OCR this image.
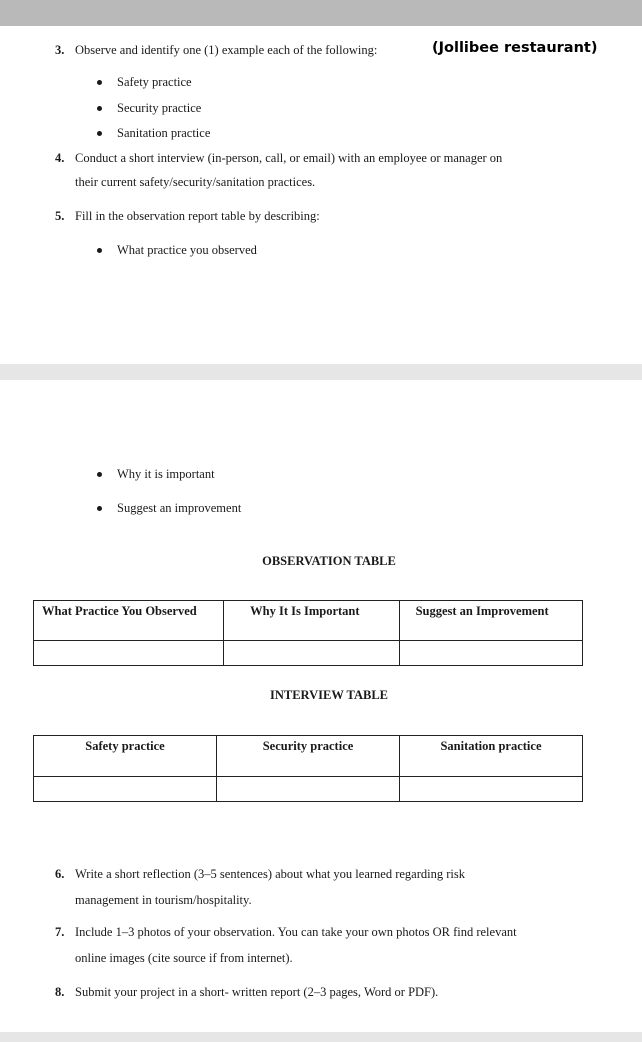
3. Observe and identify one (1) example each of the following:	(Jollibee restaurant)
Safety practice
Security practice
Sanitation practice
4. Conduct a short interview (in-person, call, or email) with an employee or manager on
their current safety/security/sanitation practices.
5. Fill in the observation report table by describing:
What practice you observed
Why it is important
Suggest an improvement
OBSERVATION TABLE
What Practice You Observed	Why It Is Important	Suggest an Improvement

INTERVIEW TABLE
Safety practice	Security practice	Sanitation practice

6. Write a short reflection (3–5 sentences) about what you learned regarding risk
management in tourism/hospitality.
7. Include 1–3 photos of your observation. You can take your own photos OR find relevant
online images (cite source if from internet).
8. Submit your project in a short- written report (2–3 pages, Word or PDF).
